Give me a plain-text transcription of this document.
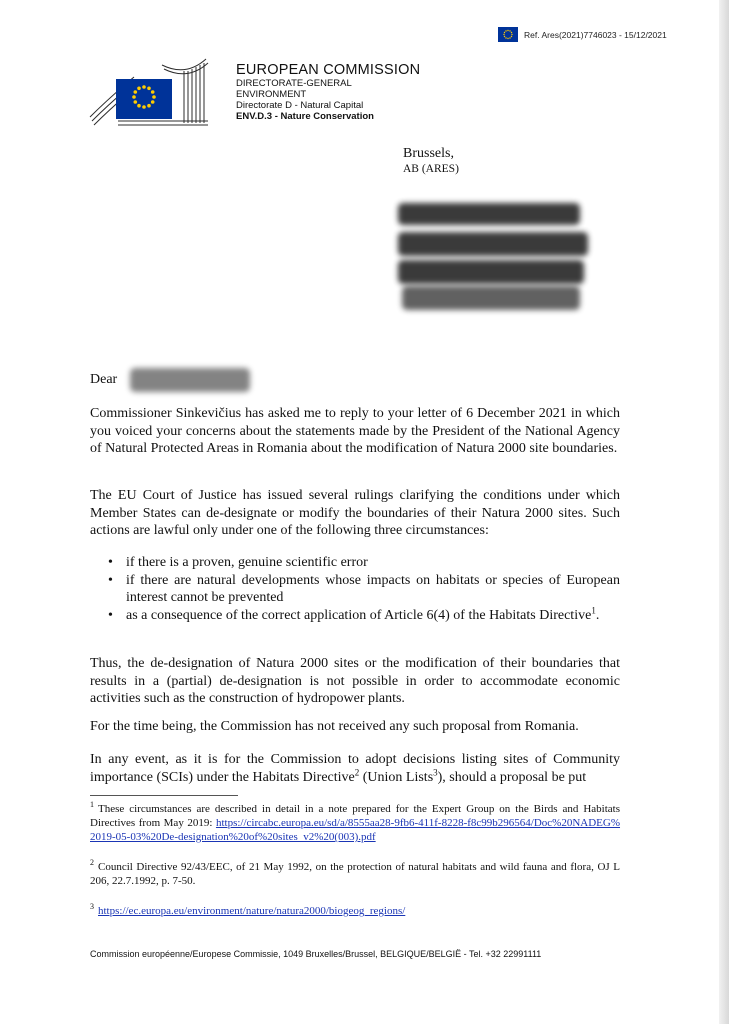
Ref. Ares(2021)7746023 - 15/12/2021
EUROPEAN COMMISSION
DIRECTORATE-GENERAL
ENVIRONMENT
Directorate D - Natural Capital
ENV.D.3 - Nature Conservation
Brussels,
AB (ARES)
Dear

Commissioner Sinkevičius has asked me to reply to your letter of 6 December 2021 in which you voiced your concerns about the statements made by the President of the National Agency of Natural Protected Areas in Romania about the modification of Natura 2000 site boundaries.

The EU Court of Justice has issued several rulings clarifying the conditions under which Member States can de-designate or modify the boundaries of their Natura 2000 sites. Such actions are lawful only under one of the following three circumstances:

• if there is a proven, genuine scientific error
• if there are natural developments whose impacts on habitats or species of European interest cannot be prevented
• as a consequence of the correct application of Article 6(4) of the Habitats Directive$^1$.

Thus, the de-designation of Natura 2000 sites or the modification of their boundaries that results in a (partial) de-designation is not possible in order to accommodate economic activities such as the construction of hydropower plants.

For the time being, the Commission has not received any such proposal from Romania.

In any event, as it is for the Commission to adopt decisions listing sites of Community importance (SCIs) under the Habitats Directive$^2$ (Union Lists$^3$), should a proposal be put

$^1$ These circumstances are described in detail in a note prepared for the Expert Group on the Birds and Habitats Directives from May 2019: https://circabc.europa.eu/sd/a/8555aa28-9fb6-411f-8228-f8c99b296564/Doc%20NADEG%2019-05-03%20De-designation%20of%20sites_v2%20(003).pdf
$^2$ Council Directive 92/43/EEC, of 21 May 1992, on the protection of natural habitats and wild fauna and flora, OJ L 206, 22.7.1992, p. 7-50.
$^3$ https://ec.europa.eu/environment/nature/natura2000/biogeog_regions/
Commission européenne/Europese Commissie, 1049 Bruxelles/Brussel, BELGIQUE/BELGIË - Tel. +32 22991111
